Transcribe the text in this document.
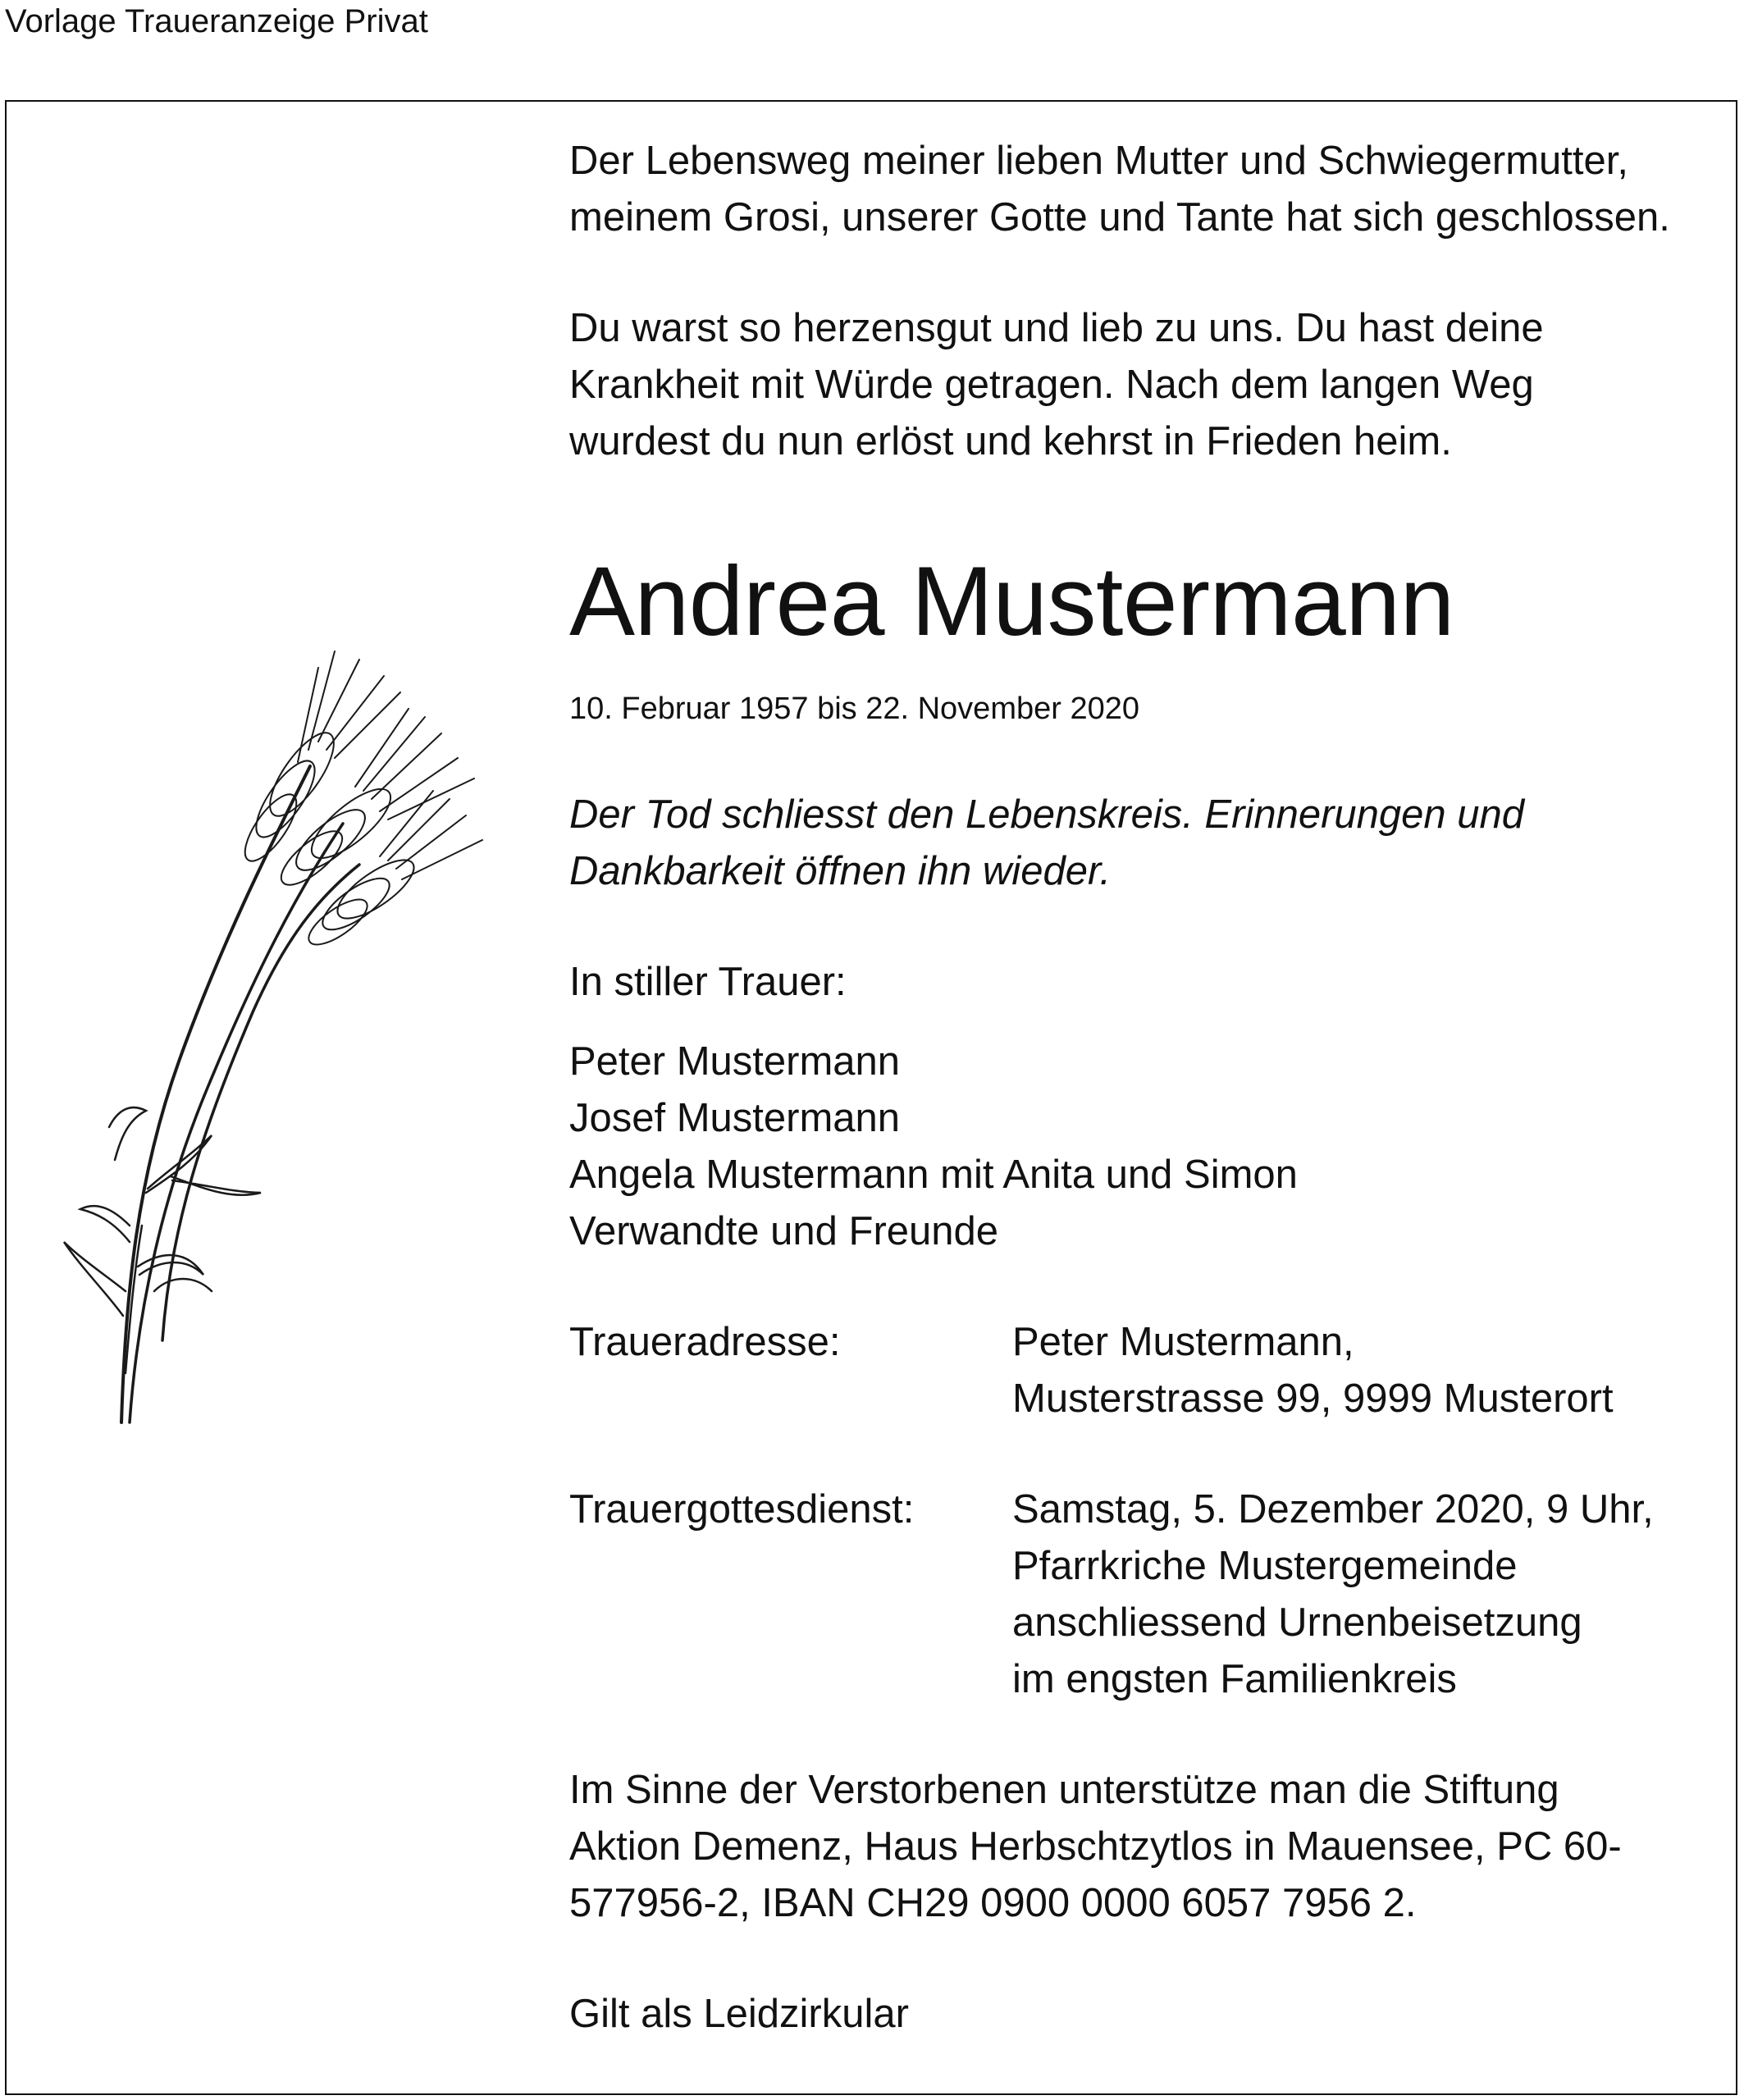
Vorlage Traueranzeige Privat

Der Lebensweg meiner lieben Mutter und Schwiegermutter,
meinem Grosi, unserer Gotte und Tante hat sich geschlossen.

Du warst so herzensgut und lieb zu uns. Du hast deine
Krankheit mit Würde getragen. Nach dem langen Weg
wurdest du nun erlöst und kehrst in Frieden heim.

Andrea Mustermann

10. Februar 1957 bis 22. November 2020

Der Tod schliesst den Lebenskreis. Erinnerungen und
Dankbarkeit öffnen ihn wieder.

In stiller Trauer:

Peter Mustermann
Josef Mustermann
Angela Mustermann mit Anita und Simon
Verwandte und Freunde

Traueradresse:	Peter Mustermann,
Musterstrasse 99, 9999 Musterort
Trauergottesdienst:	Samstag, 5. Dezember 2020, 9 Uhr,
Pfarrkriche Mustergemeinde
anschliessend Urnenbeisetzung
im engsten Familienkreis

Im Sinne der Verstorbenen unterstütze man die Stiftung
Aktion Demenz, Haus Herbschtzytlos in Mauensee, PC 60-
577956-2, IBAN CH29 0900 0000 6057 7956 2.

Gilt als Leidzirkular
